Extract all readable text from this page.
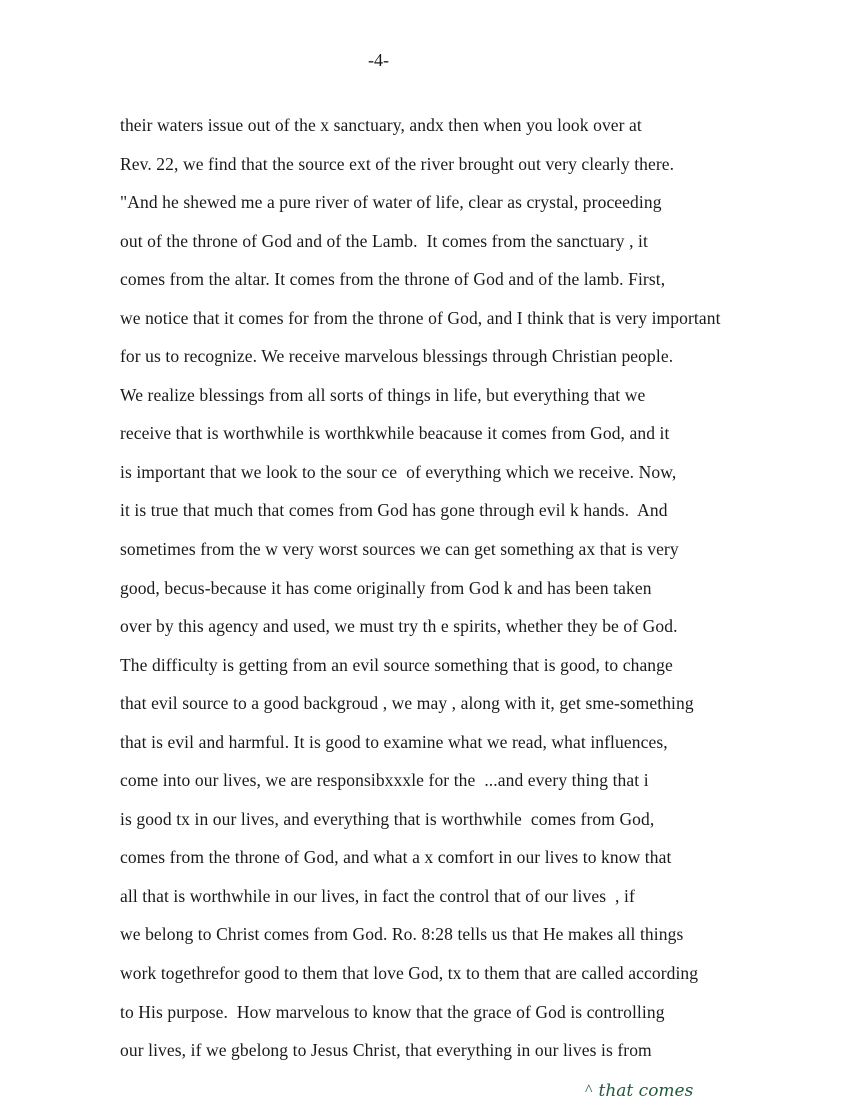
-4-
their waters issue out of the x sanctuary, andx then when you look over at
Rev. 22, we find that the source ext of the river brought out very clearly there.
"And he shewed me a pure river of water of life, clear as crystal, proceeding
out of the throne of God and of the Lamb.  It comes from the sanctuary , it
comes from the altar. It comes from the throne of God and of the lamb. First,
we notice that it comes for from the throne of God, and I think that is very important
for us to recognize. We receive marvelous blessings through Christian people.
We realize blessings from all sorts of things in life, but everything that we
receive that is worthwhile is worthkwhile beacause it comes from God, and it
is important that we look to the sour ce  of everything which we receive. Now,
it is true that much that comes from God has gone through evil k hands.  And
sometimes from the w very worst sources we can get something ax that is very
good, becus-because it has come originally from God k and has been taken
over by this agency and used, we must try th e spirits, whether they be of God.
The difficulty is getting from an evil source something that is good, to change
that evil source to a good backgroud , we may , along with it, get sme-something
that is evil and harmful. It is good to examine what we read, what influences,
come into our lives, we are responsibxxxle for the  ...and every thing that i
is good tx in our lives, and everything that is worthwhile  comes from God,
comes from the throne of God, and what a x comfort in our lives to know that
all that is worthwhile in our lives, in fact the control that of our lives  , if
we belong to Christ comes from God. Ro. 8:28 tells us that He makes all things
work togethrefor good to them that love God, tx to them that are called according
to His purpose.  How marvelous to know that the grace of God is controlling
our lives, if we gbelong to Jesus Christ, that everything in our lives is from
^ that comes
